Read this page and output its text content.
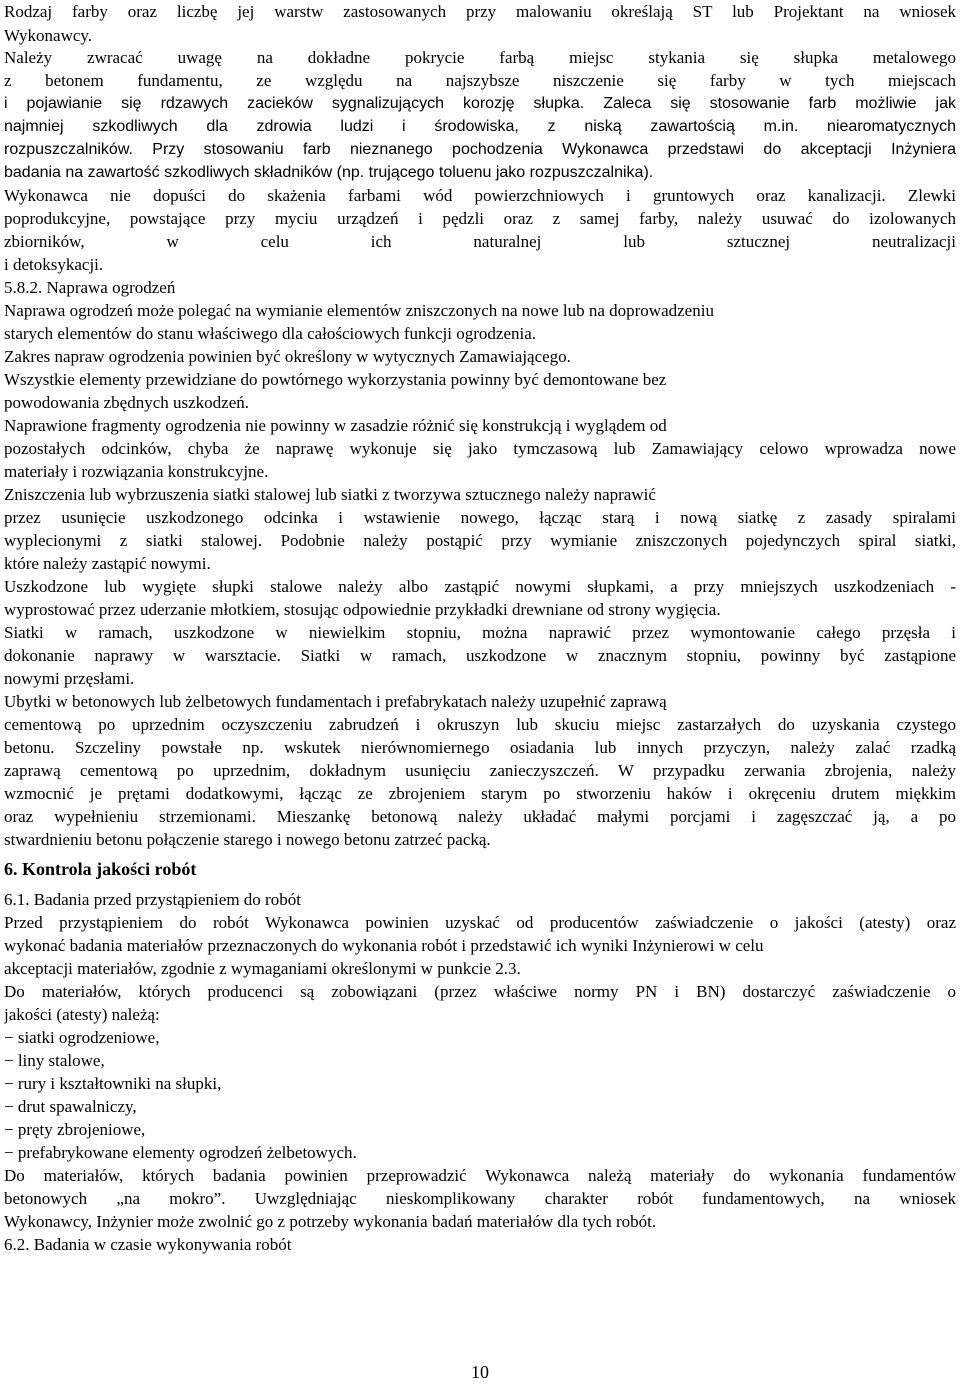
Rodzaj farby oraz liczbę jej warstw zastosowanych przy malowaniu określają ST lub Projektant na wniosek
Wykonawcy.
Należy zwracać uwagę na dokładne pokrycie farbą miejsc stykania się słupka metalowego
z betonem fundamentu, ze względu na najszybsze niszczenie się farby w tych miejscach
i pojawianie się rdzawych zacieków sygnalizujących korozję słupka. Zaleca się stosowanie farb możliwie jak
najmniej szkodliwych dla zdrowia ludzi i środowiska, z niską zawartością m.in. niearomatycznych
rozpuszczalników. Przy stosowaniu farb nieznanego pochodzenia Wykonawca przedstawi do akceptacji Inżyniera
badania na zawartość szkodliwych składników (np. trującego toluenu jako rozpuszczalnika).
Wykonawca nie dopuści do skażenia farbami wód powierzchniowych i gruntowych oraz kanalizacji. Zlewki
poprodukcyjne, powstające przy myciu urządzeń i pędzli oraz z samej farby, należy usuwać do izolowanych
zbiorników, w celu ich naturalnej lub sztucznej neutralizacji
i detoksykacji.
5.8.2. Naprawa ogrodzeń
Naprawa ogrodzeń może polegać na wymianie elementów zniszczonych na nowe lub na doprowadzeniu
starych elementów do stanu właściwego dla całościowych funkcji ogrodzenia.
Zakres napraw ogrodzenia powinien być określony w wytycznych Zamawiającego.
Wszystkie elementy przewidziane do powtórnego wykorzystania powinny być demontowane bez
powodowania zbędnych uszkodzeń.
Naprawione fragmenty ogrodzenia nie powinny w zasadzie różnić się konstrukcją i wyglądem od
pozostałych odcinków, chyba że naprawę wykonuje się jako tymczasową lub Zamawiający celowo wprowadza nowe
materiały i rozwiązania konstrukcyjne.
Zniszczenia lub wybrzuszenia siatki stalowej lub siatki z tworzywa sztucznego należy naprawić
przez usunięcie uszkodzonego odcinka i wstawienie nowego, łącząc starą i nową siatkę z zasady spiralami
wyplecionymi z siatki stalowej. Podobnie należy postąpić przy wymianie zniszczonych pojedynczych spiral siatki,
które należy zastąpić nowymi.
Uszkodzone lub wygięte słupki stalowe należy albo zastąpić nowymi słupkami, a przy mniejszych uszkodzeniach -
wyprostować przez uderzanie młotkiem, stosując odpowiednie przykładki drewniane od strony wygięcia.
Siatki w ramach, uszkodzone w niewielkim stopniu, można naprawić przez wymontowanie całego przęsła i
dokonanie naprawy w warsztacie. Siatki w ramach, uszkodzone w znacznym stopniu, powinny być zastąpione
nowymi przęsłami.
Ubytki w betonowych lub żelbetowych fundamentach i prefabrykatach należy uzupełnić zaprawą
cementową po uprzednim oczyszczeniu zabrudzeń i okruszyn lub skuciu miejsc zastarzałych do uzyskania czystego
betonu. Szczeliny powstałe np. wskutek nierównomiernego osiadania lub innych przyczyn, należy zalać rzadką
zaprawą cementową po uprzednim, dokładnym usunięciu zanieczyszczeń. W przypadku zerwania zbrojenia, należy
wzmocnić je prętami dodatkowymi, łącząc ze zbrojeniem starym po stworzeniu haków i okręceniu drutem miękkim
oraz wypełnieniu strzemionami. Mieszankę betonową należy układać małymi porcjami i zagęszczać ją, a po
stwardnieniu betonu połączenie starego i nowego betonu zatrzeć packą.
6. Kontrola jakości robót
6.1. Badania przed przystąpieniem do robót
Przed przystąpieniem do robót Wykonawca powinien uzyskać od producentów zaświadczenie o jakości (atesty) oraz
wykonać badania materiałów przeznaczonych do wykonania robót i przedstawić ich wyniki Inżynierowi w celu
akceptacji materiałów, zgodnie z wymaganiami określonymi w punkcie 2.3.
Do materiałów, których producenci są zobowiązani (przez właściwe normy PN i BN) dostarczyć zaświadczenie o
jakości (atesty) należą:
− siatki ogrodzeniowe,
− liny stalowe,
− rury i kształtowniki na słupki,
− drut spawalniczy,
− pręty zbrojeniowe,
− prefabrykowane elementy ogrodzeń żelbetowych.
Do materiałów, których badania powinien przeprowadzić Wykonawca należą materiały do wykonania fundamentów
betonowych „na mokro”. Uwzględniając nieskomplikowany charakter robót fundamentowych, na wniosek
Wykonawcy, Inżynier może zwolnić go z potrzeby wykonania badań materiałów dla tych robót.
6.2. Badania w czasie wykonywania robót
10
